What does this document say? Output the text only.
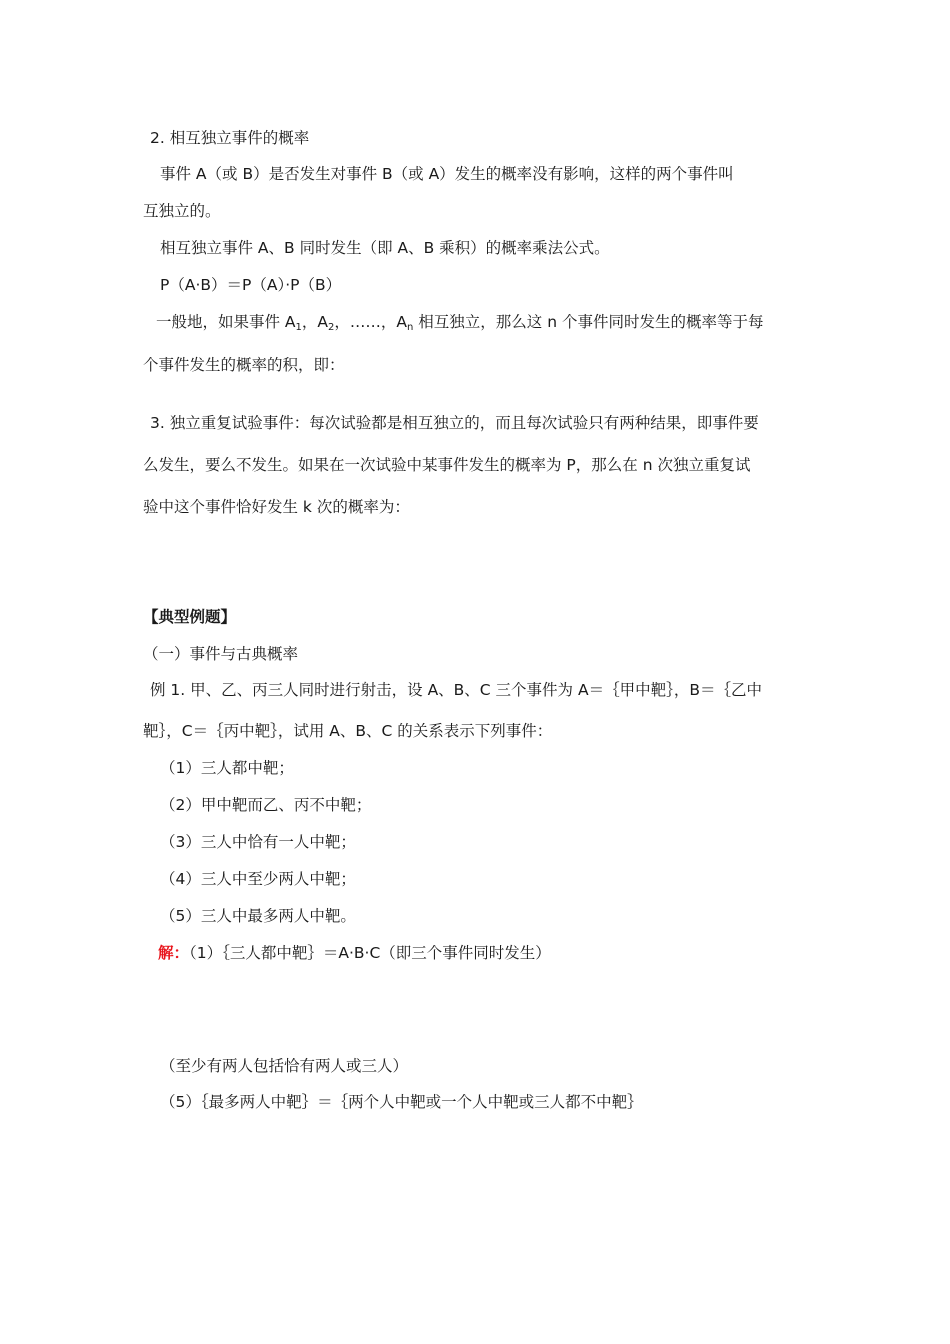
2. 相互独立事件的概率
事件 A（或 B）是否发生对事件 B（或 A）发生的概率没有影响，这样的两个事件叫
互独立的。
相互独立事件 A、B 同时发生（即 A、B 乘积）的概率乘法公式。
P（A·B）＝P（A）·P（B）
一般地，如果事件 $A_1$，$A_2$，……，$A_n$ 相互独立，那么这 n 个事件同时发生的概率等于每
个事件发生的概率的积，即：
3. 独立重复试验事件：每次试验都是相互独立的，而且每次试验只有两种结果，即事件要
么发生，要么不发生。如果在一次试验中某事件发生的概率为 P，那么在 n 次独立重复试
验中这个事件恰好发生 k 次的概率为：
【典型例题】
（一）事件与古典概率
例 1. 甲、乙、丙三人同时进行射击，设 A、B、C 三个事件为 A＝｛甲中靶｝，B＝｛乙中
靶｝，C＝｛丙中靶｝，试用 A、B、C 的关系表示下列事件：
（1）三人都中靶；
（2）甲中靶而乙、丙不中靶；
（3）三人中恰有一人中靶；
（4）三人中至少两人中靶；
（5）三人中最多两人中靶。
解：（1）｛三人都中靶｝＝A·B·C（即三个事件同时发生）
（至少有两人包括恰有两人或三人）
（5）｛最多两人中靶｝＝｛两个人中靶或一个人中靶或三人都不中靶｝
